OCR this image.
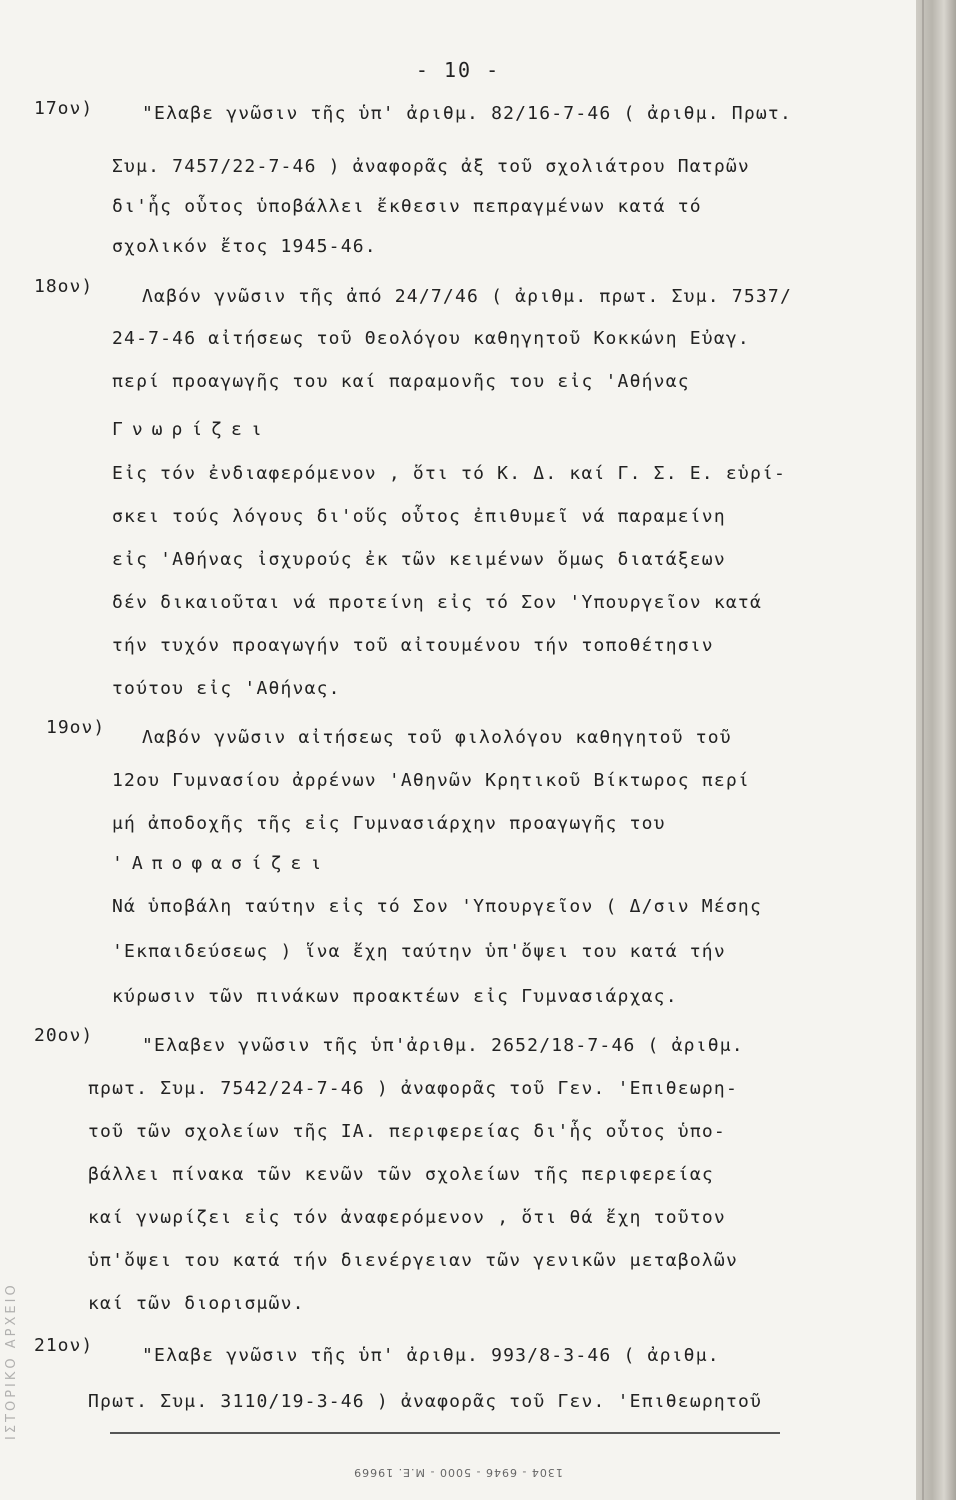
- 10 -
17ον)	"Ελαβε γνῶσιν τῆς ὑπ' ἀριθμ. 82/16-7-46 ( ἀριθμ. Πρωτ.
Συμ. 7457/22-7-46 ) ἀναφορᾶς ἀξ τοῦ σχολιάτρου Πατρῶν
δι'ἧς οὗτος ὑποβάλλει ἔκθεσιν πεπραγμένων κατά τό
σχολικόν ἔτος 1945-46.
18ον)	Λαβόν γνῶσιν τῆς ἀπό 24/7/46 ( ἀριθμ. πρωτ. Συμ. 7537/
24-7-46 αἰτήσεως τοῦ Θεολόγου καθηγητοῦ Κοκκώνη Εὐαγ.
περί προαγωγῆς του καί παραμονῆς του εἰς 'Αθήνας
Γνωρίζει
Εἰς τόν ἐνδιαφερόμενον , ὅτι τό Κ. Δ. καί Γ. Σ. Ε. εὑρί-
σκει τούς λόγους δι'οὕς οὗτος ἐπιθυμεῖ νά παραμείνη
εἰς 'Αθήνας ἰσχυρούς ἐκ τῶν κειμένων ὅμως διατάξεων
δέν δικαιοῦται νά προτείνη εἰς τό Σον 'Υπουργεῖον κατά
τήν τυχόν προαγωγήν τοῦ αἰτουμένου τήν τοποθέτησιν
τούτου εἰς 'Αθήνας.
19ον) Λαβόν γνῶσιν αἰτήσεως τοῦ φιλολόγου καθηγητοῦ τοῦ
12ου Γυμνασίου ἀρρένων 'Αθηνῶν Κρητικοῦ Βίκτωρος περί
μή ἀποδοχῆς τῆς εἰς Γυμνασιάρχην προαγωγῆς του
'Αποφασίζει
Νά ὑποβάλη ταύτην εἰς τό Σον 'Υπουργεῖον ( Δ/σιν Μέσης
'Εκπαιδεύσεως ) ἵνα ἔχη ταύτην ὑπ'ὄψει του κατά τήν
κύρωσιν τῶν πινάκων προακτέων εἰς Γυμνασιάρχας.
20ον)	"Ελαβεν γνῶσιν τῆς ὑπ'ἀριθμ. 2652/18-7-46 ( ἀριθμ.
πρωτ. Συμ. 7542/24-7-46 ) ἀναφορᾶς τοῦ Γεν. 'Επιθεωρη-
τοῦ τῶν σχολείων τῆς ΙΑ. περιφερείας δι'ἧς οὗτος ὑπο-
βάλλει πίνακα τῶν κενῶν τῶν σχολείων τῆς περιφερείας
καί γνωρίζει εἰς τόν ἀναφερόμενον , ὅτι θά ἔχη τοῦτον
ὑπ'ὄψει του κατά τήν διενέργειαν τῶν γενικῶν μεταβολῶν
καί τῶν διορισμῶν.
21ον)	"Ελαβε γνῶσιν τῆς ὑπ' ἀριθμ. 993/8-3-46 ( ἀριθμ.
Πρωτ. Συμ. 3110/19-3-46 ) ἀναφορᾶς τοῦ Γεν. 'Επιθεωρητοῦ
1304 - 6946 - 5000 - Μ.Ε. 19669
ΙΣΤΟΡΙΚΟ ΑΡΧΕΙΟ
